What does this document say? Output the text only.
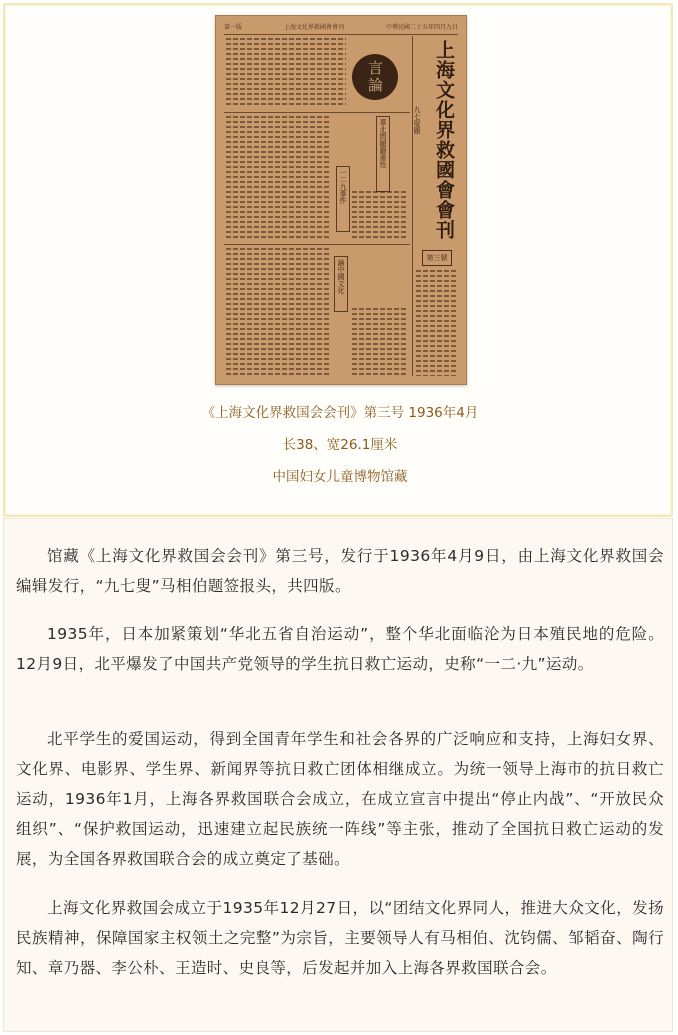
第一版	上海文化界救國會會刊	中華民國二十五年四月九日
上海文化界救國會會刊
九七叟題
言論
第三號
華北問題嚴重性
一二九事件
論中國文化
《上海文化界救国会会刊》第三号 1936年4月
长38、宽26.1厘米
中国妇女儿童博物馆藏

馆藏《上海文化界救国会会刊》第三号，发行于1936年4月9日，由上海文化界救国会编辑发行，“九七叟”马相伯题签报头，共四版。

1935年，日本加紧策划“华北五省自治运动”，整个华北面临沦为日本殖民地的危险。12月9日，北平爆发了中国共产党领导的学生抗日救亡运动，史称“一二·九”运动。

北平学生的爱国运动，得到全国青年学生和社会各界的广泛响应和支持，上海妇女界、文化界、电影界、学生界、新闻界等抗日救亡团体相继成立。为统一领导上海市的抗日救亡运动，1936年1月，上海各界救国联合会成立，在成立宣言中提出“停止内战”、“开放民众组织”、“保护救国运动，迅速建立起民族统一阵线”等主张，推动了全国抗日救亡运动的发展，为全国各界救国联合会的成立奠定了基础。

上海文化界救国会成立于1935年12月27日，以“团结文化界同人，推进大众文化，发扬民族精神，保障国家主权领土之完整”为宗旨，主要领导人有马相伯、沈钧儒、邹韬奋、陶行知、章乃器、李公朴、王造时、史良等，后发起并加入上海各界救国联合会。
